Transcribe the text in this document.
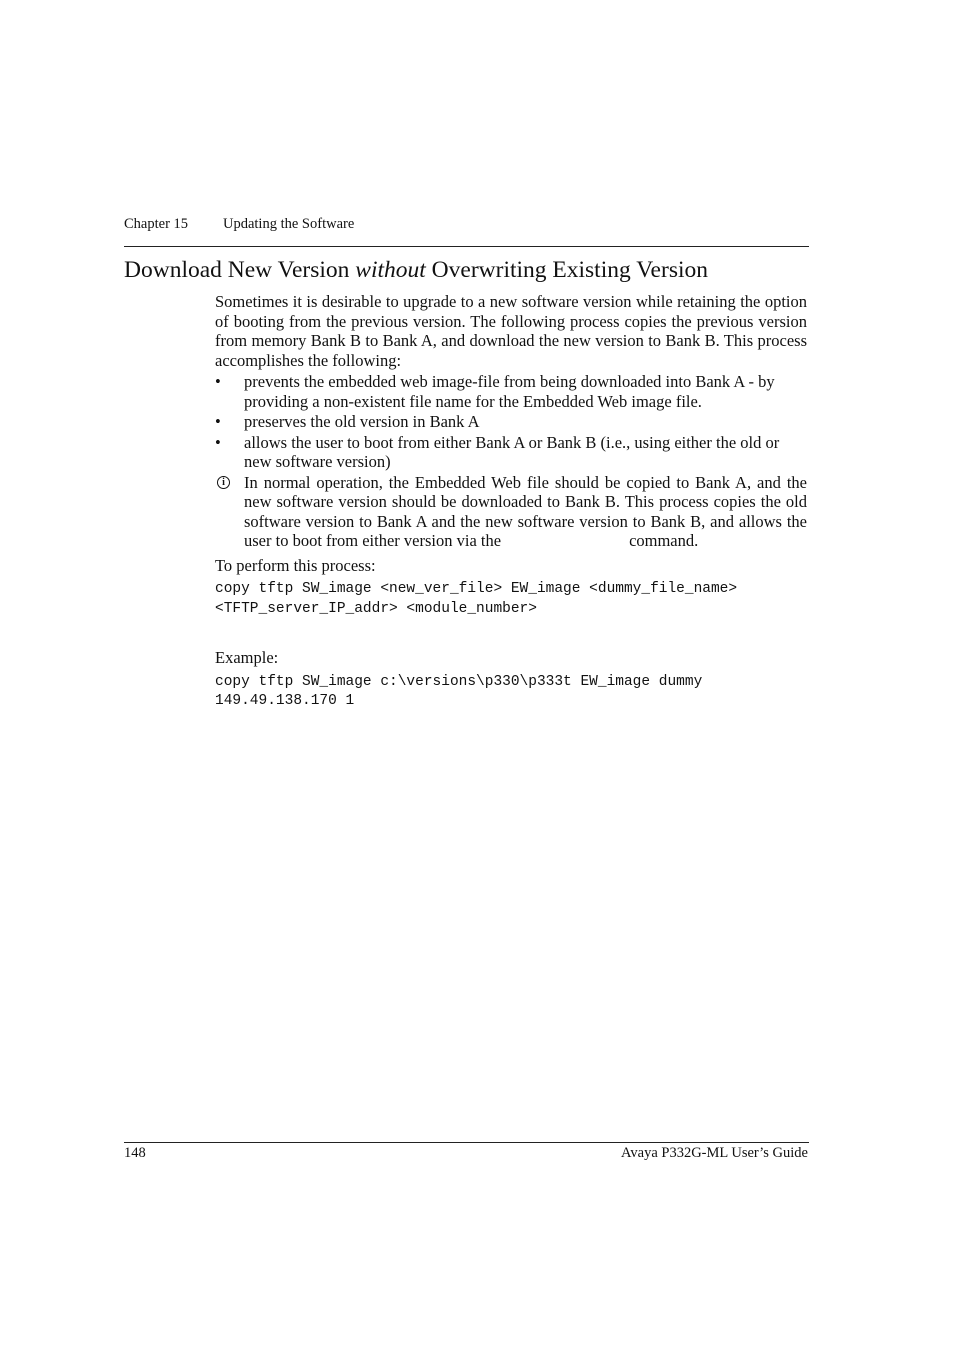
Chapter 15 Updating the Software
Download New Version without Overwriting Existing Version

Sometimes it is desirable to upgrade to a new software version while retaining the option of booting from the previous version. The following process copies the previous version from memory Bank B to Bank A, and download the new version to Bank B. This process accomplishes the following:

• prevents the embedded web image-file from being downloaded into Bank A - by providing a non-existent file name for the Embedded Web image file.
• preserves the old version in Bank A
• allows the user to boot from either Bank A or Bank B (i.e., using either the old or new software version)

i	In normal operation, the Embedded Web file should be copied to Bank A, and the new software version should be downloaded to Bank B. This process copies the old software version to Bank A and the new software version to Bank B, and allows the user to boot from either version via the	command.

To perform this process:

copy tftp SW_image <new_ver_file> EW_image <dummy_file_name>
<TFTP_server_IP_addr> <module_number>

Example:

copy tftp SW_image c:\versions\p330\p333t EW_image dummy
149.49.138.170 1
148	Avaya P332G-ML User’s Guide
